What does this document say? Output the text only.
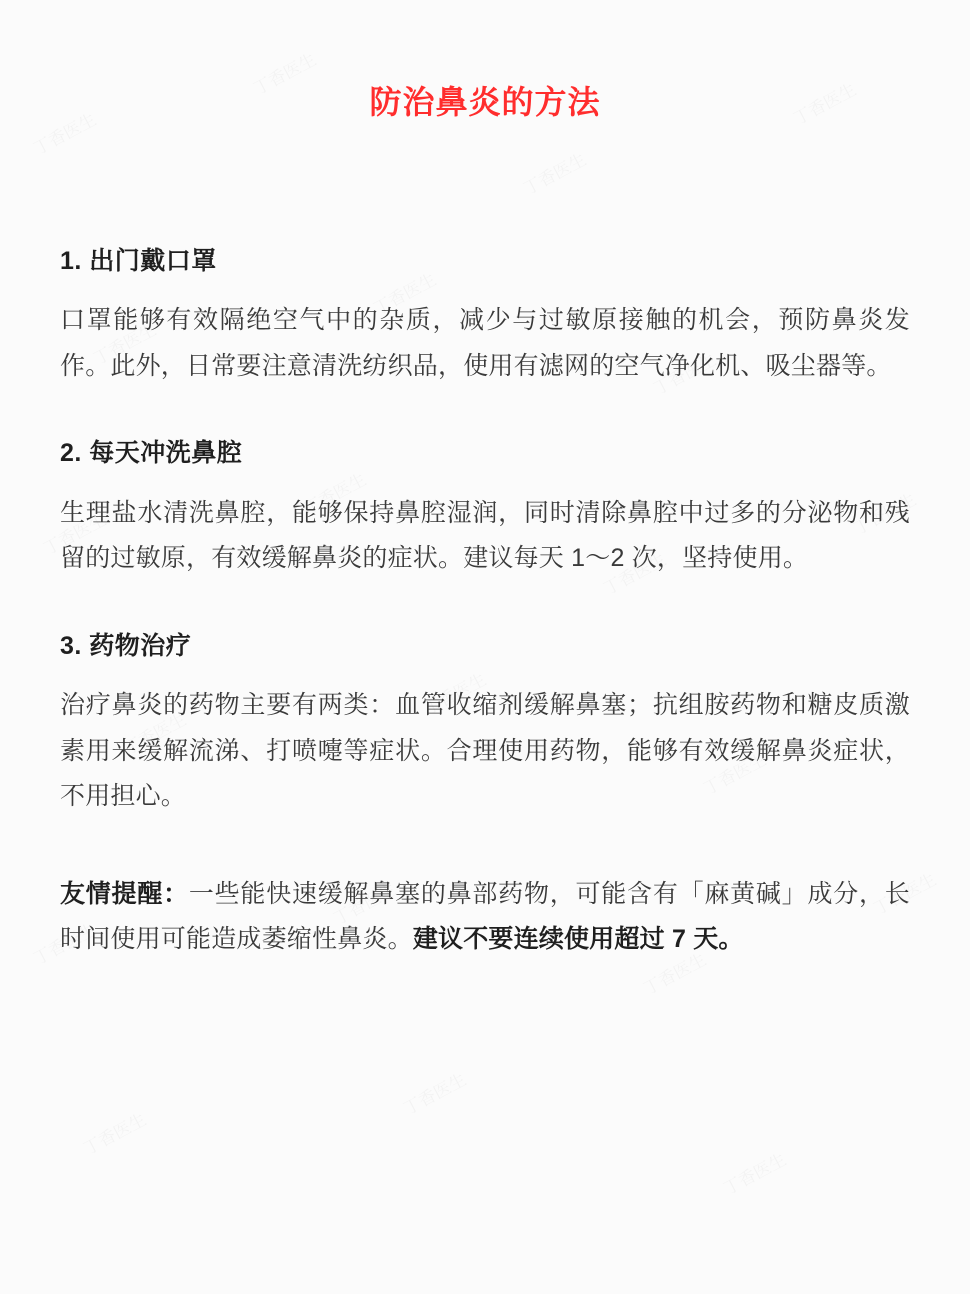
防治鼻炎的方法
1. 出门戴口罩

口罩能够有效隔绝空气中的杂质，减少与过敏原接触的机会，预防鼻炎发作。此外，日常要注意清洗纺织品，使用有滤网的空气净化机、吸尘器等。

2. 每天冲洗鼻腔

生理盐水清洗鼻腔，能够保持鼻腔湿润，同时清除鼻腔中过多的分泌物和残留的过敏原，有效缓解鼻炎的症状。建议每天 1〜2 次，坚持使用。

3. 药物治疗

治疗鼻炎的药物主要有两类：血管收缩剂缓解鼻塞；抗组胺药物和糖皮质激素用来缓解流涕、打喷嚏等症状。合理使用药物，能够有效缓解鼻炎症状，不用担心。

友情提醒：一些能快速缓解鼻塞的鼻部药物，可能含有「麻黄碱」成分，长时间使用可能造成萎缩性鼻炎。建议不要连续使用超过 7 天。
